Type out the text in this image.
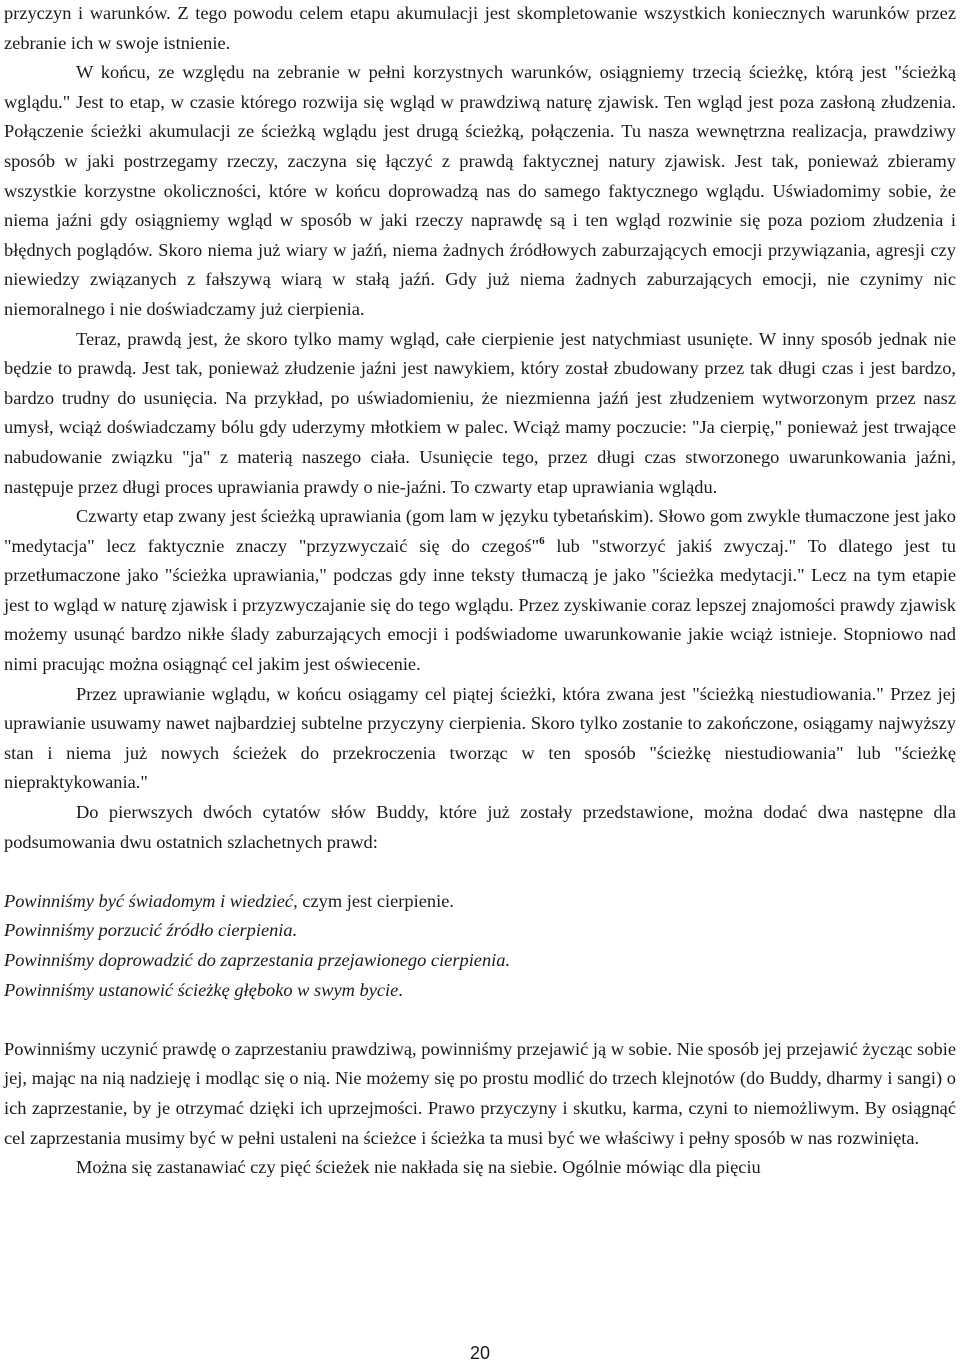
przyczyn i warunków. Z tego powodu celem etapu akumulacji jest skompletowanie wszystkich koniecznych warunków przez zebranie ich w swoje istnienie.

W końcu, ze względu na zebranie w pełni korzystnych warunków, osiągniemy trzecią ścieżkę, którą jest "ścieżką wglądu." Jest to etap, w czasie którego rozwija się wgląd w prawdziwą naturę zjawisk. Ten wgląd jest poza zasłoną złudzenia. Połączenie ścieżki akumulacji ze ścieżką wglądu jest drugą ścieżką, połączenia. Tu nasza wewnętrzna realizacja, prawdziwy sposób w jaki postrzegamy rzeczy, zaczyna się łączyć z prawdą faktycznej natury zjawisk. Jest tak, ponieważ zbieramy wszystkie korzystne okoliczności, które w końcu doprowadzą nas do samego faktycznego wglądu. Uświadomimy sobie, że niema jaźni gdy osiągniemy wgląd w sposób w jaki rzeczy naprawdę są i ten wgląd rozwinie się poza poziom złudzenia i błędnych poglądów. Skoro niema już wiary w jaźń, niema żadnych źródłowych zaburzających emocji przywiązania, agresji czy niewiedzy związanych z fałszywą wiarą w stałą jaźń. Gdy już niema żadnych zaburzających emocji, nie czynimy nic niemoralnego i nie doświadczamy już cierpienia.

Teraz, prawdą jest, że skoro tylko mamy wgląd, całe cierpienie jest natychmiast usunięte. W inny sposób jednak nie będzie to prawdą. Jest tak, ponieważ złudzenie jaźni jest nawykiem, który został zbudowany przez tak długi czas i jest bardzo, bardzo trudny do usunięcia. Na przykład, po uświadomieniu, że niezmienna jaźń jest złudzeniem wytworzonym przez nasz umysł, wciąż doświadczamy bólu gdy uderzymy młotkiem w palec. Wciąż mamy poczucie: "Ja cierpię," ponieważ jest trwające nabudowanie związku "ja" z materią naszego ciała. Usunięcie tego, przez długi czas stworzonego uwarunkowania jaźni, następuje przez długi proces uprawiania prawdy o nie-jaźni. To czwarty etap uprawiania wglądu.

Czwarty etap zwany jest ścieżką uprawiania (gom lam w języku tybetańskim). Słowo gom zwykle tłumaczone jest jako "medytacja" lecz faktycznie znaczy "przyzwyczaić się do czegoś"$^6$ lub "stworzyć jakiś zwyczaj." To dlatego jest tu przetłumaczone jako "ścieżka uprawiania," podczas gdy inne teksty tłumaczą je jako "ścieżka medytacji." Lecz na tym etapie jest to wgląd w naturę zjawisk i przyzwyczajanie się do tego wglądu. Przez zyskiwanie coraz lepszej znajomości prawdy zjawisk możemy usunąć bardzo nikłe ślady zaburzających emocji i podświadome uwarunkowanie jakie wciąż istnieje. Stopniowo nad nimi pracując można osiągnąć cel jakim jest oświecenie.

Przez uprawianie wglądu, w końcu osiągamy cel piątej ścieżki, która zwana jest "ścieżką niestudiowania." Przez jej uprawianie usuwamy nawet najbardziej subtelne przyczyny cierpienia. Skoro tylko zostanie to zakończone, osiągamy najwyższy stan i niema już nowych ścieżek do przekroczenia tworząc w ten sposób "ścieżkę niestudiowania" lub "ścieżkę niepraktykowania."

Do pierwszych dwóch cytatów słów Buddy, które już zostały przedstawione, można dodać dwa następne dla podsumowania dwu ostatnich szlachetnych prawd:

Powinniśmy być świadomym i wiedzieć, czym jest cierpienie.

Powinniśmy porzucić źródło cierpienia.

Powinniśmy doprowadzić do zaprzestania przejawionego cierpienia.

Powinniśmy ustanowić ścieżkę głęboko w swym bycie.

Powinniśmy uczynić prawdę o zaprzestaniu prawdziwą, powinniśmy przejawić ją w sobie. Nie sposób jej przejawić życząc sobie jej, mając na nią nadzieję i modląc się o nią. Nie możemy się po prostu modlić do trzech klejnotów (do Buddy, dharmy i sangi) o ich zaprzestanie, by je otrzymać dzięki ich uprzejmości. Prawo przyczyny i skutku, karma, czyni to niemożliwym. By osiągnąć cel zaprzestania musimy być w pełni ustaleni na ścieżce i ścieżka ta musi być we właściwy i pełny sposób w nas rozwinięta.

Można się zastanawiać czy pięć ścieżek nie nakłada się na siebie. Ogólnie mówiąc dla pięciu

20
